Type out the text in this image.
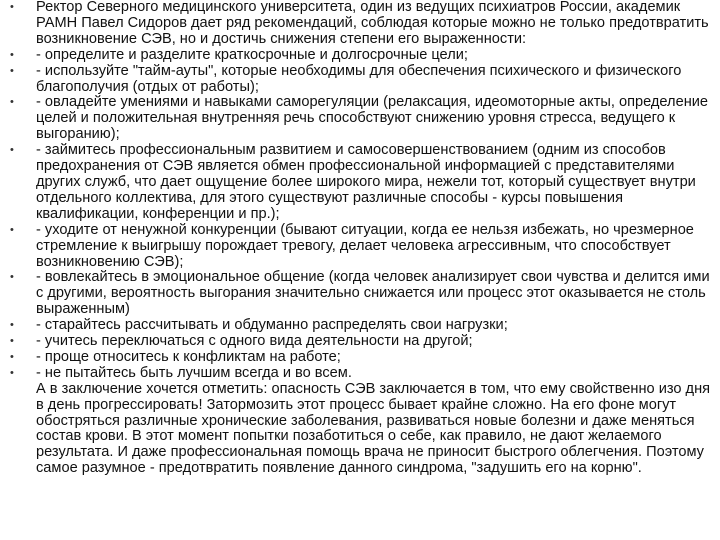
•	Ректор Северного медицинского университета, один из ведущих психиатров России, академик РАМН Павел Сидоров дает ряд рекомендаций, соблюдая которые можно не только предотвратить возникновение СЭВ, но и достичь снижения степени его выраженности:
•	- определите и разделите краткосрочные и долгосрочные цели;
•	- используйте "тайм-ауты", которые необходимы для обеспечения психического и физического благополучия (отдых от работы);
•	- овладейте умениями и навыками саморегуляции (релаксация, идеомоторные акты, определение целей и положительная внутренняя речь способствуют снижению уровня стресса, ведущего к выгоранию);
•	- займитесь профессиональным развитием и самосовершенствованием (одним из способов предохранения от СЭВ является обмен профессиональной информацией с представителями других служб, что дает ощущение более широкого мира, нежели тот, который существует внутри отдельного коллектива, для этого существуют различные способы - курсы повышения квалификации, конференции и пр.);
•	- уходите от ненужной конкуренции (бывают ситуации, когда ее нельзя избежать, но чрезмерное стремление к выигрышу порождает тревогу, делает человека агрессивным, что способствует возникновению СЭВ);
•	- вовлекайтесь в эмоциональное общение (когда человек анализирует свои чувства и делится ими с другими, вероятность выгорания значительно снижается или процесс этот оказывается не столь выраженным)
•	- старайтесь рассчитывать и обдуманно распределять свои нагрузки;
•	- учитесь переключаться с одного вида деятельности на другой;
•	- проще относитесь к конфликтам на работе;
•	- не пытайтесь быть лучшим всегда и во всем.

А в заключение хочется отметить: опасность СЭВ заключается в том, что ему свойственно изо дня в день прогрессировать! Затормозить этот процесс бывает крайне сложно. На его фоне могут обостряться различные хронические заболевания, развиваться новые болезни и даже меняться состав крови. В этот момент попытки позаботиться о себе, как правило, не дают желаемого результата. И даже профессиональная помощь врача не приносит быстрого облегчения. Поэтому самое разумное - предотвратить появление данного синдрома, "задушить его на корню".
